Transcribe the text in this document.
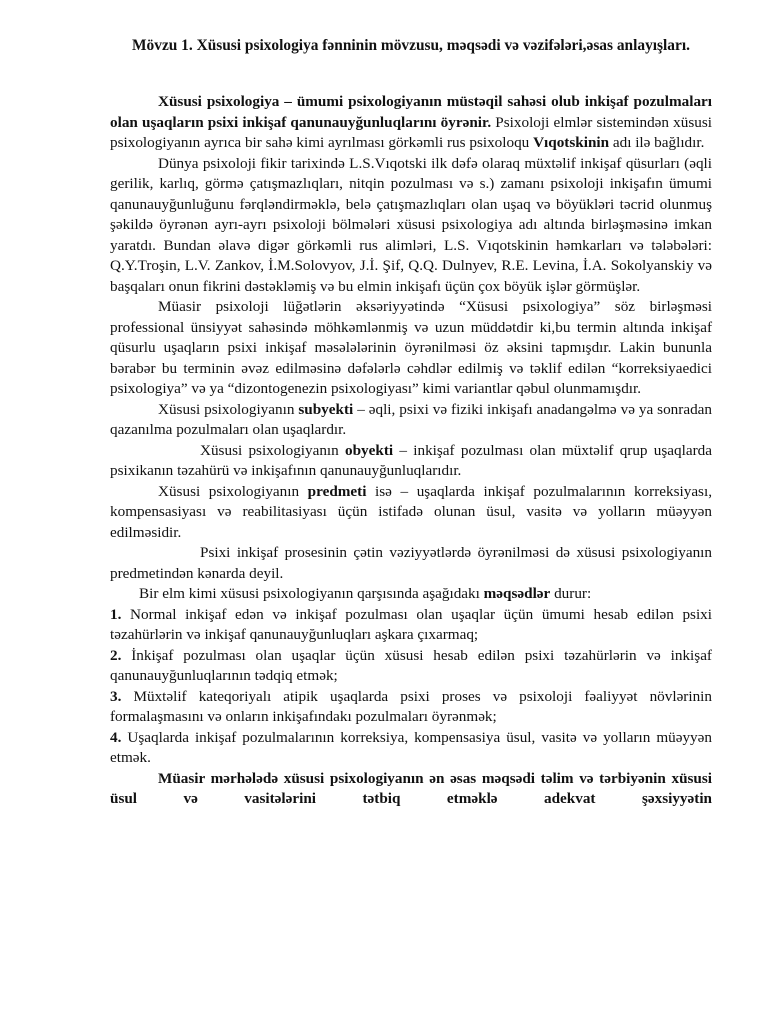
Mövzu 1. Xüsusi psixologiya fənninin mövzusu, məqsədi və vəzifələri,əsas anlayışları.

Xüsusi psixologiya – ümumi psixologiyanın müstəqil sahəsi olub inkişaf pozulmaları olan uşaqların psixi inkişaf qanunauyğunluqlarını öyrənir. Psixoloji elmlər sistemindən xüsusi psixologiyanın ayrıca bir sahə kimi ayrılması görkəmli rus psixoloqu Vıqotskinin adı ilə bağlıdır.

Dünya psixoloji fikir tarixində L.S.Vıqotski ilk dəfə olaraq müxtəlif inkişaf qüsurları (əqli gerilik, karlıq, görmə çatışmazlıqları, nitqin pozulması və s.) zamanı psixoloji inkişafın ümumi qanunauyğunluğunu fərqləndirməklə, belə çatışmazlıqları olan uşaq və böyükləri təcrid olunmuş şəkildə öyrənən ayrı-ayrı psixoloji bölmələri xüsusi psixologiya adı altında birləşməsinə imkan yaratdı. Bundan əlavə digər görkəmli rus alimləri, L.S. Vıqotskinin həmkarları və tələbələri: Q.Y.Troşin, L.V. Zankov, İ.M.Solovyov, J.İ. Şif, Q.Q. Dulnyev, R.E. Levina, İ.A. Sokolyanskiy və başqaları onun fikrini dəstəkləmiş və bu elmin inkişafı üçün çox böyük işlər görmüşlər.

Müasir psixoloji lüğətlərin əksəriyyətində “Xüsusi psixologiya” söz birləşməsi professional ünsiyyət sahəsində möhkəmlənmiş və uzun müddətdir ki,bu termin altında inkişaf qüsurlu uşaqların psixi inkişaf məsələlərinin öyrənilməsi öz əksini tapmışdır. Lakin bununla bərabər bu terminin əvəz edilməsinə dəfələrlə cəhdlər edilmiş və təklif edilən “korreksiyaedici psixologiya” və ya “dizontogenezin psixologiyası” kimi variantlar qəbul olunmamışdır.

Xüsusi psixologiyanın subyekti – əqli, psixi və fiziki inkişafı anadangəlmə və ya sonradan qazanılma pozulmaları olan uşaqlardır.

Xüsusi psixologiyanın obyekti – inkişaf pozulması olan müxtəlif qrup uşaqlarda psixikanın təzahürü və inkişafının qanunauyğunluqlarıdır.

Xüsusi psixologiyanın predmeti isə – uşaqlarda inkişaf pozulmalarının korreksiyası, kompensasiyası və reabilitasiyası üçün istifadə olunan üsul, vasitə və yolların müəyyən edilməsidir.

Psixi inkişaf prosesinin çətin vəziyyətlərdə öyrənilməsi də xüsusi psixologiyanın predmetindən kənarda deyil.

Bir elm kimi xüsusi psixologiyanın qarşısında aşağıdakı məqsədlər durur:

1. Normal inkişaf edən və inkişaf pozulması olan uşaqlar üçün ümumi hesab edilən psixi təzahürlərin və inkişaf qanunauyğunluqları aşkara çıxarmaq;

2. İnkişaf pozulması olan uşaqlar üçün xüsusi hesab edilən psixi təzahürlərin və inkişaf qanunauyğunluqlarının tədqiq etmək;

3. Müxtəlif kateqoriyalı atipik uşaqlarda psixi proses və psixoloji fəaliyyət növlərinin formalaşmasını və onların inkişafındakı pozulmaları öyrənmək;

4. Uşaqlarda inkişaf pozulmalarının korreksiya, kompensasiya üsul, vasitə və yolların müəyyən etmək.

Müasir mərhələdə xüsusi psixologiyanın ən əsas məqsədi təlim və tərbiyənin xüsusi üsul və vasitələrini tətbiq etməklə adekvat şəxsiyyətin
